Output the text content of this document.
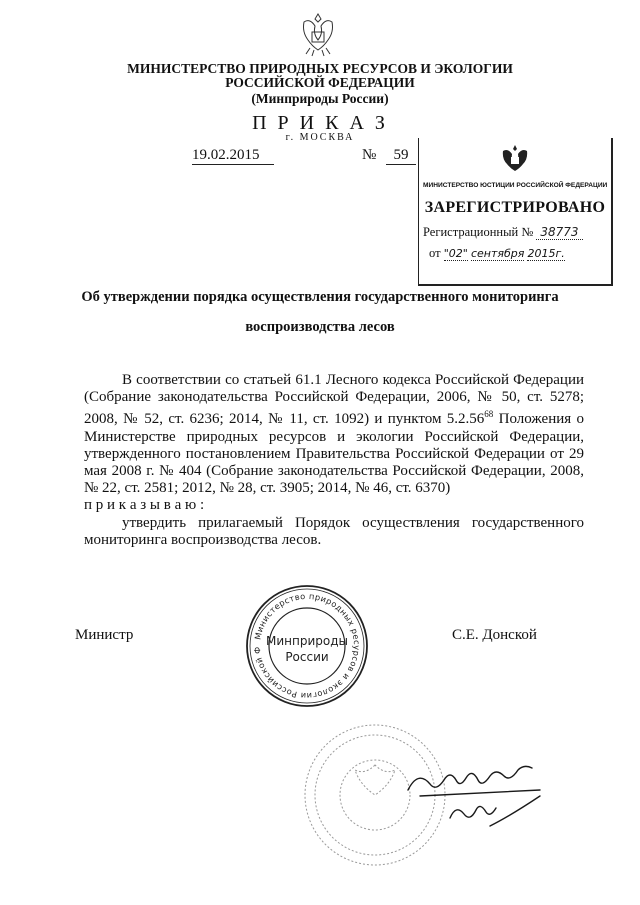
МИНИСТЕРСТВО ПРИРОДНЫХ РЕСУРСОВ И ЭКОЛОГИИ
РОССИЙСКОЙ ФЕДЕРАЦИИ
(Минприроды России)
П Р И К А З
г. МОСКВА
19.02.2015	№	59
МИНИСТЕРСТВО ЮСТИЦИИ РОССИЙСКОЙ ФЕДЕРАЦИИ
ЗАРЕГИСТРИРОВАНО
Регистрационный № 38773
от "02" сентября 2015г.
Об утверждении порядка осуществления государственного мониторинга
воспроизводства лесов

В соответствии со статьей 61.1 Лесного кодекса Российской Федерации (Собрание законодательства Российской Федерации, 2006, № 50, ст. 5278; 2008, № 52, ст. 6236; 2014, № 11, ст. 1092) и пунктом 5.2.56$^{68}$ Положения о Министерстве природных ресурсов и экологии Российской Федерации, утвержденного постановлением Правительства Российской Федерации от 29 мая 2008 г. № 404 (Собрание законодательства Российской Федерации, 2008, № 22, ст. 2581; 2012, № 28, ст. 3905; 2014, № 46, ст. 6370)

п р и к а з ы в а ю :

утвердить прилагаемый Порядок осуществления государственного мониторинга воспроизводства лесов.

Министр	С.Е. Донской
Министерство природных ресурсов и экологии Российской Ф
Минприроды
России
